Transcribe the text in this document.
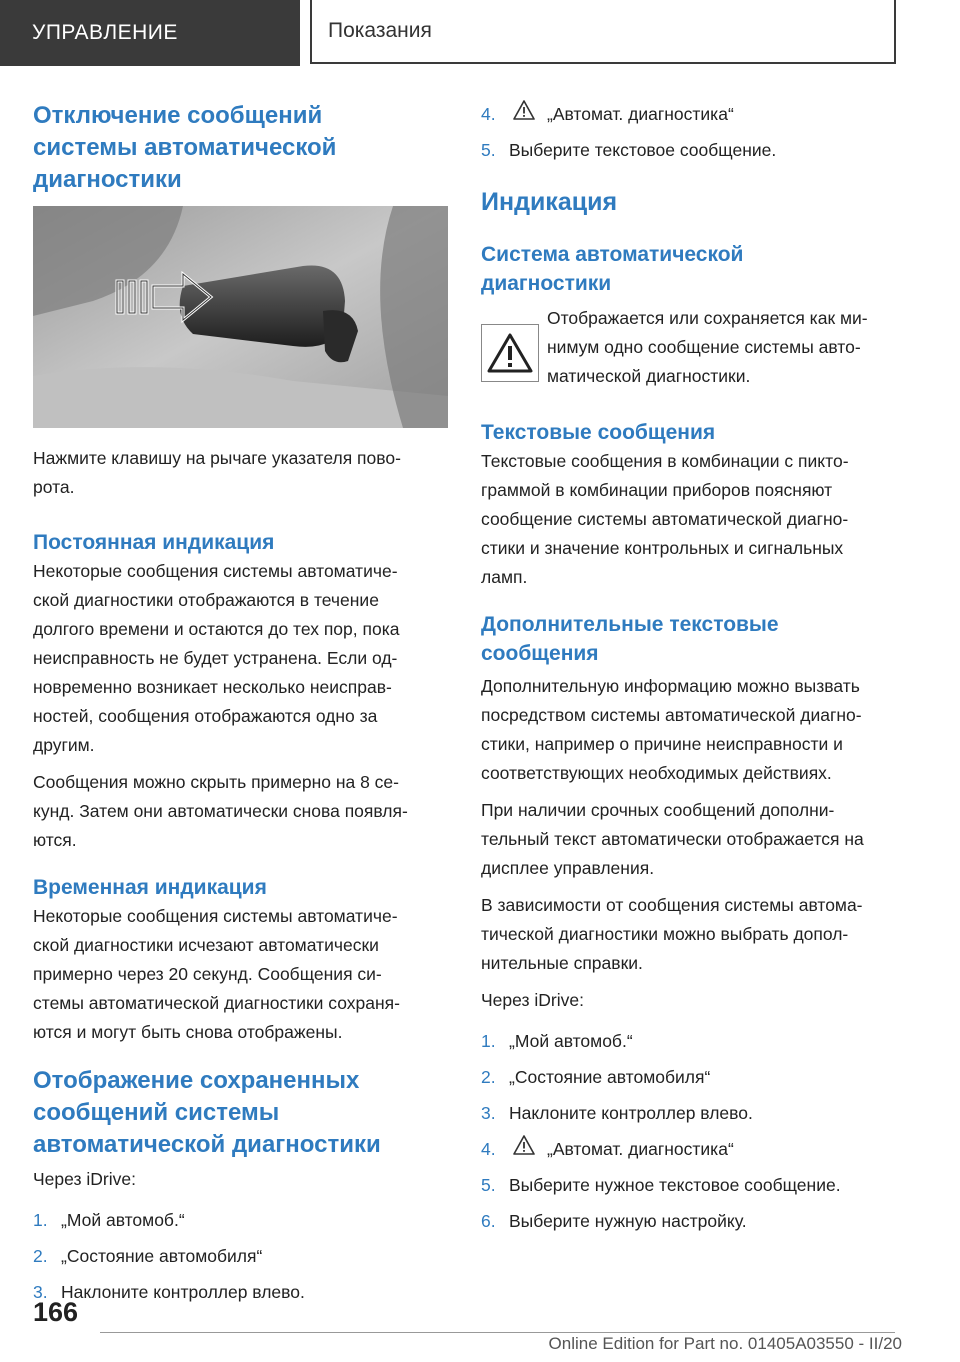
УПРАВЛЕНИЕ	Показания
Отключение сообщений
системы автоматической
диагностики
Нажмите клавишу на рычаге указателя пово-
рота.
Постоянная индикация
Некоторые сообщения системы автоматиче-
ской диагностики отображаются в течение
долгого времени и остаются до тех пор, пока
неисправность не будет устранена. Если од-
новременно возникает несколько неисправ-
ностей, сообщения отображаются одно за
другим.
Сообщения можно скрыть примерно на 8 се-
кунд. Затем они автоматически снова появля-
ются.
Временная индикация
Некоторые сообщения системы автоматиче-
ской диагностики исчезают автоматически
примерно через 20 секунд. Сообщения си-
стемы автоматической диагностики сохраня-
ются и могут быть снова отображены.
Отображение сохраненных
сообщений системы
автоматической диагностики
Через iDrive:
1. „Мой автомоб.“
2. „Состояние автомобиля“
3. Наклоните контроллер влево.
4.	„Автомат. диагностика“
5. Выберите текстовое сообщение.
Индикация
Система автоматической
диагностики
Отображается или сохраняется как ми-
нимум одно сообщение системы авто-
матической диагностики.
Текстовые сообщения
Текстовые сообщения в комбинации с пикто-
граммой в комбинации приборов поясняют
сообщение системы автоматической диагно-
стики и значение контрольных и сигнальных
ламп.
Дополнительные текстовые
сообщения
Дополнительную информацию можно вызвать
посредством системы автоматической диагно-
стики, например о причине неисправности и
соответствующих необходимых действиях.
При наличии срочных сообщений дополни-
тельный текст автоматически отображается на
дисплее управления.
В зависимости от сообщения системы автома-
тической диагностики можно выбрать допол-
нительные справки.
Через iDrive:
1. „Мой автомоб.“
2. „Состояние автомобиля“
3. Наклоните контроллер влево.
4.	„Автомат. диагностика“
5. Выберите нужное текстовое сообщение.
6. Выберите нужную настройку.
166
Online Edition for Part no. 01405A03550 - II/20
